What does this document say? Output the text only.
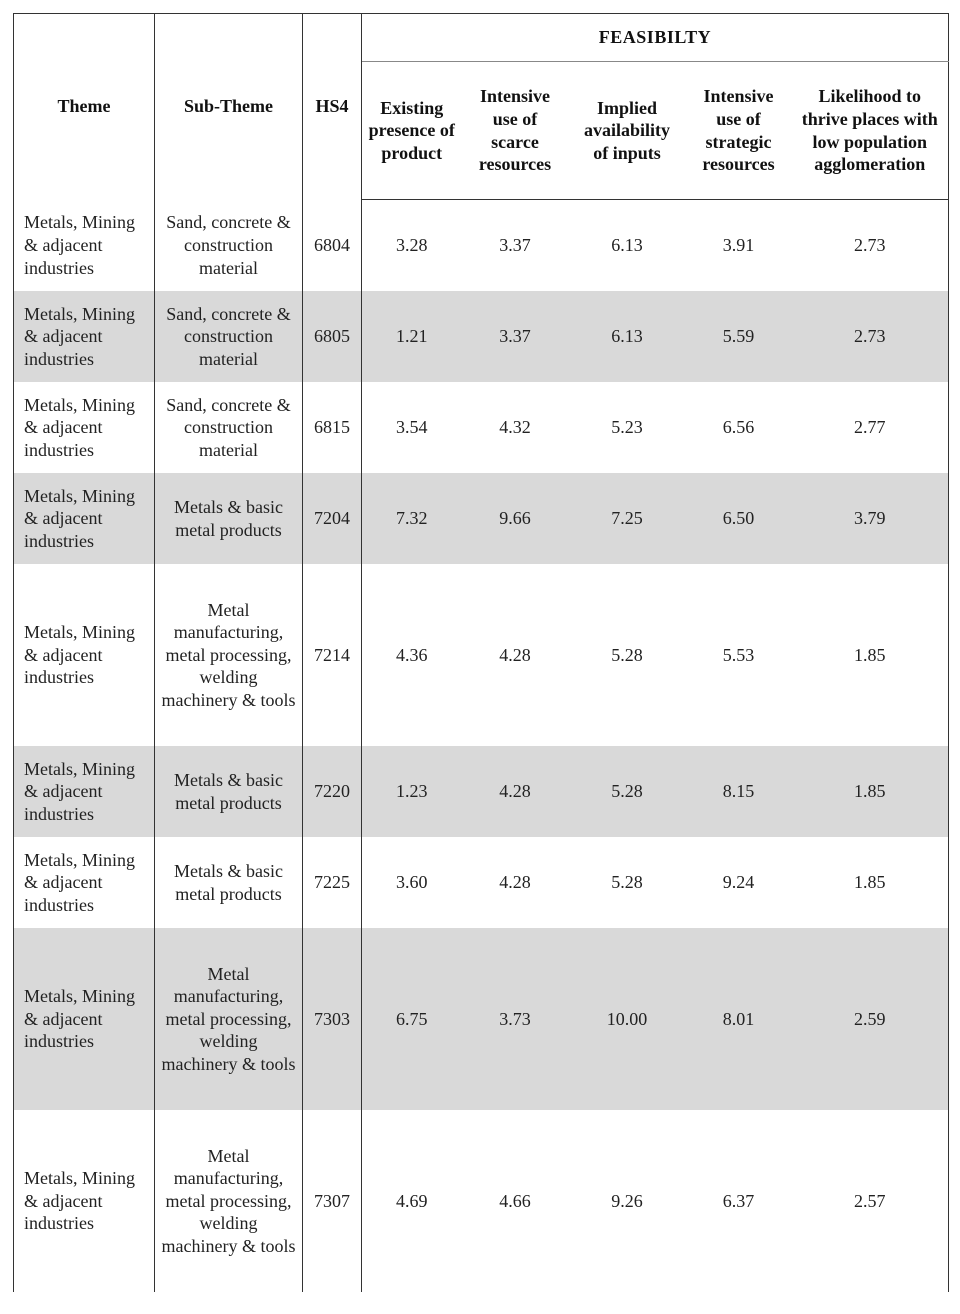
Theme	Sub-Theme	HS4	FEASIBILTY				
			Existing presence of product	Intensive use of scarce resources	Implied availability of inputs	Intensive use of strategic resources	Likelihood to thrive places with low population agglomeration
Metals, Mining & adjacent industries	Sand, concrete & construction material	6804	3.28	3.37	6.13	3.91	2.73
Metals, Mining & adjacent industries	Sand, concrete & construction material	6805	1.21	3.37	6.13	5.59	2.73
Metals, Mining & adjacent industries	Sand, concrete & construction material	6815	3.54	4.32	5.23	6.56	2.77
Metals, Mining & adjacent industries	Metals & basic metal products	7204	7.32	9.66	7.25	6.50	3.79
Metals, Mining & adjacent industries	Metal manufacturing, metal processing, welding machinery & tools	7214	4.36	4.28	5.28	5.53	1.85
Metals, Mining & adjacent industries	Metals & basic metal products	7220	1.23	4.28	5.28	8.15	1.85
Metals, Mining & adjacent industries	Metals & basic metal products	7225	3.60	4.28	5.28	9.24	1.85
Metals, Mining & adjacent industries	Metal manufacturing, metal processing, welding machinery & tools	7303	6.75	3.73	10.00	8.01	2.59
Metals, Mining & adjacent industries	Metal manufacturing, metal processing, welding machinery & tools	7307	4.69	4.66	9.26	6.37	2.57
